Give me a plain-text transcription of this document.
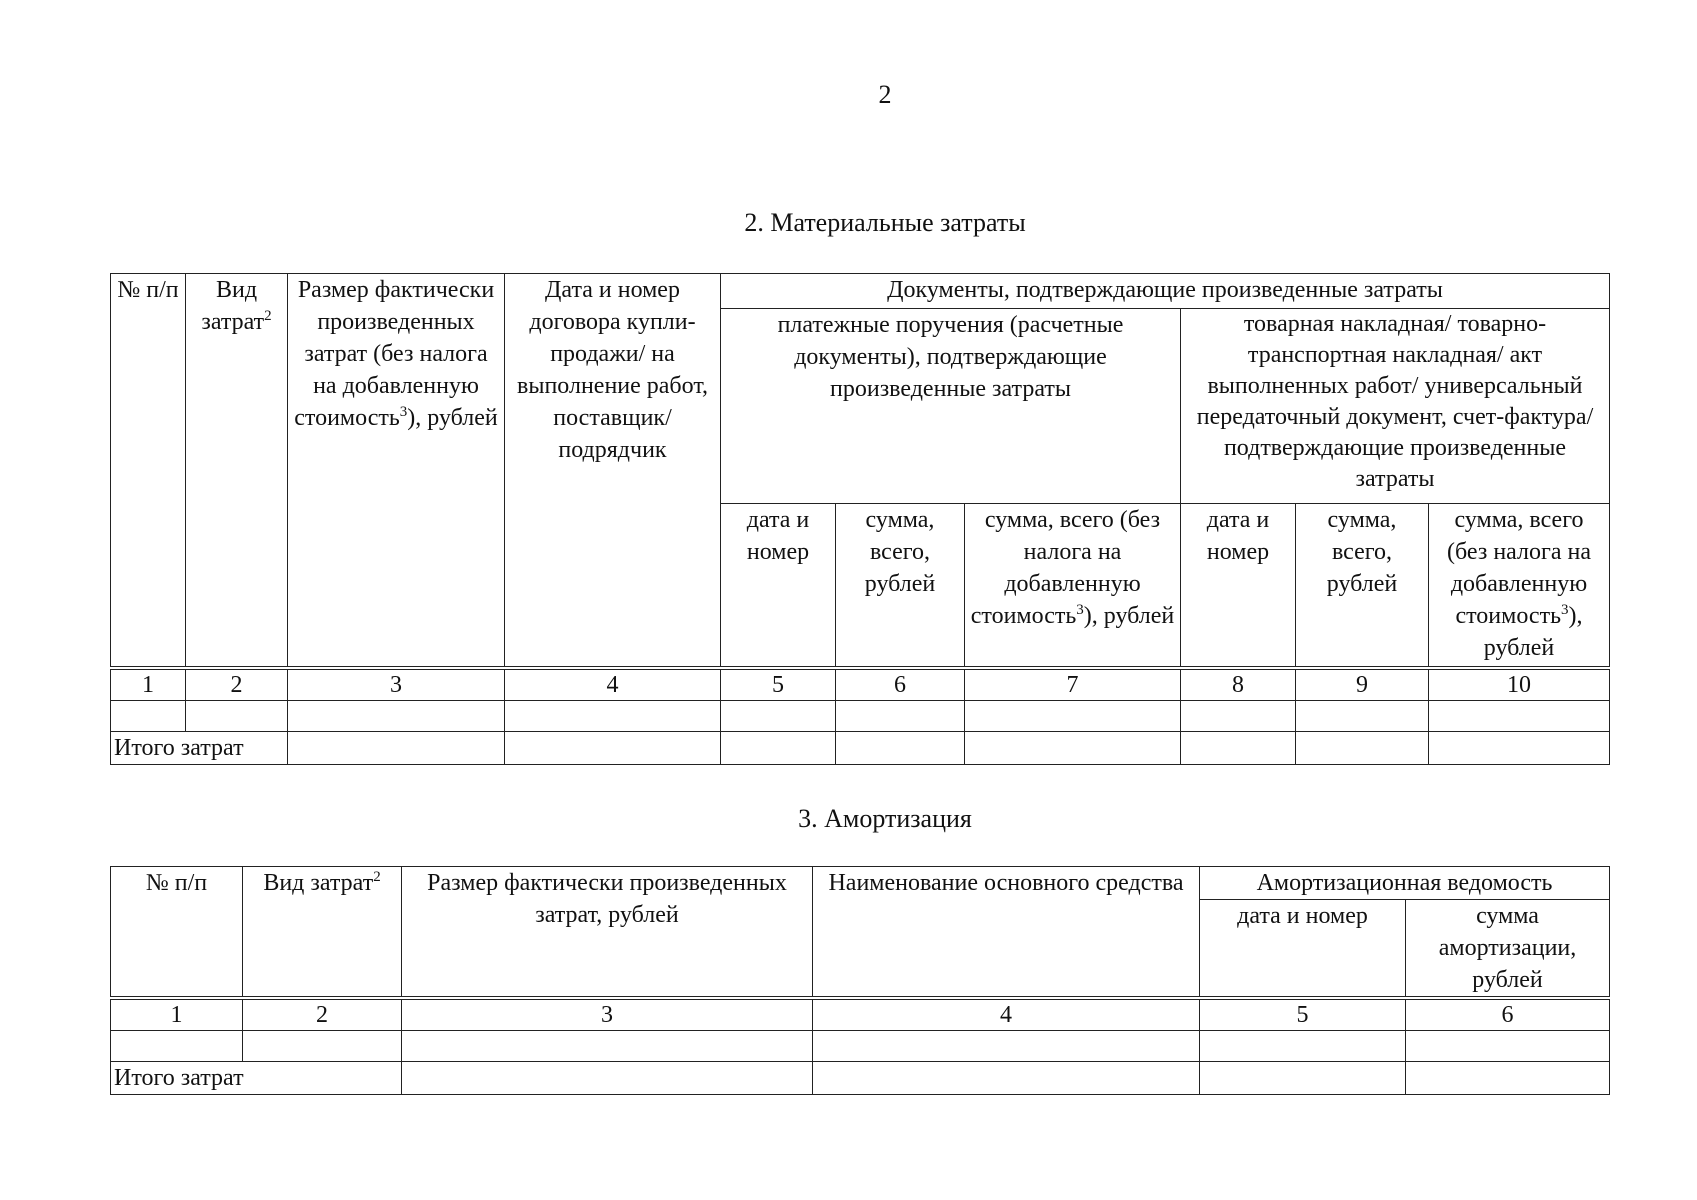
2
2. Материальные затраты
№ п/п	Вид затрат$^2$	Размер фактически произведенных затрат (без налога на добавленную стоимость$^3$), рублей	Дата и номер договора купли-продажи/ на выполнение работ, поставщик/ подрядчик	Документы, подтверждающие произведенные затраты					
				платежные поручения (расчетные документы), подтверждающие произведенные затраты			товарная накладная/ товарно-транспортная накладная/ акт выполненных работ/ универсальный передаточный документ, счет-фактура/ подтверждающие произведенные затраты		
				дата и номер	сумма, всего, рублей	сумма, всего (без налога на добавленную стоимость$^3$), рублей	дата и номер	сумма, всего, рублей	сумма, всего (без налога на добавленную стоимость$^3$), рублей
1	2	3	4	5	6	7	8	9	10

Итого затрат									
3. Амортизация
№ п/п	Вид затрат$^2$	Размер фактически произведенных затрат, рублей	Наименование основного средства	Амортизационная ведомость	
				дата и номер	сумма амортизации, рублей
1	2	3	4	5	6

Итого затрат					
